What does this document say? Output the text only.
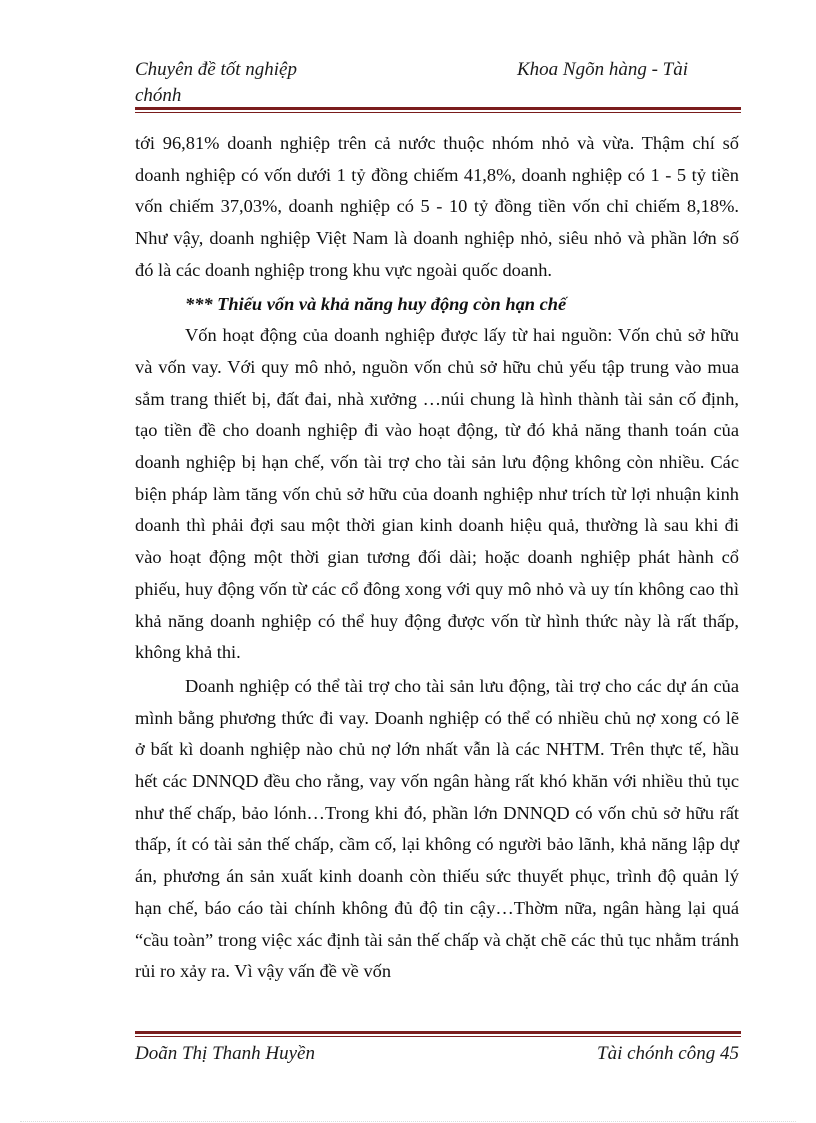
Chuyên đề tốt nghiệp chónh
Khoa Ngõn hàng - Tài

tới 96,81% doanh nghiệp trên cả nước thuộc nhóm nhỏ và vừa. Thậm chí số doanh nghiệp có vốn dưới 1 tỷ đồng chiếm 41,8%, doanh nghiệp có 1 - 5 tỷ tiền vốn chiếm 37,03%, doanh nghiệp có 5 - 10 tỷ đồng tiền vốn chỉ chiếm 8,18%. Như vậy, doanh nghiệp Việt Nam là doanh nghiệp nhỏ, siêu nhỏ và phần lớn số đó là các doanh nghiệp trong khu vực ngoài quốc doanh.

*** Thiếu vốn và khả năng huy động còn hạn chế

Vốn hoạt động của doanh nghiệp được lấy từ hai nguồn: Vốn chủ sở hữu và vốn vay. Với quy mô nhỏ, nguồn vốn chủ sở hữu chủ yếu tập trung vào mua sắm trang thiết bị, đất đai, nhà xưởng …núi chung là hình thành tài sản cố định, tạo tiền đề cho doanh nghiệp đi vào hoạt động, từ đó khả năng thanh toán của doanh nghiệp bị hạn chế, vốn tài trợ cho tài sản lưu động không còn nhiều. Các biện pháp làm tăng vốn chủ sở hữu của doanh nghiệp như trích từ lợi nhuận kinh doanh thì phải đợi sau một thời gian kinh doanh hiệu quả, thường là sau khi đi vào hoạt động một thời gian tương đối dài; hoặc doanh nghiệp phát hành cổ phiếu, huy động vốn từ các cổ đông xong với quy mô nhỏ và uy tín không cao thì khả năng doanh nghiệp có thể huy động được vốn từ hình thức này là rất thấp, không khả thi.

Doanh nghiệp có thể tài trợ cho tài sản lưu động, tài trợ cho các dự án của mình bằng phương thức đi vay. Doanh nghiệp có thể có nhiều chủ nợ xong có lẽ ở bất kì doanh nghiệp nào chủ nợ lớn nhất vẫn là các NHTM. Trên thực tế, hầu hết các DNNQD đều cho rằng, vay vốn ngân hàng rất khó khăn với nhiều thủ tục như thế chấp, bảo lónh…Trong khi đó, phần lớn DNNQD có vốn chủ sở hữu rất thấp, ít có tài sản thế chấp, cầm cố, lại không có người bảo lãnh, khả năng lập dự án, phương án sản xuất kinh doanh còn thiếu sức thuyết phục, trình độ quản lý hạn chế, báo cáo tài chính không đủ độ tin cậy…Thờm nữa, ngân hàng lại quá “cầu toàn” trong việc xác định tài sản thế chấp và chặt chẽ các thủ tục nhằm tránh rủi ro xảy ra. Vì vậy vấn đề về vốn

Doãn Thị Thanh Huyền	Tài chónh công 45
